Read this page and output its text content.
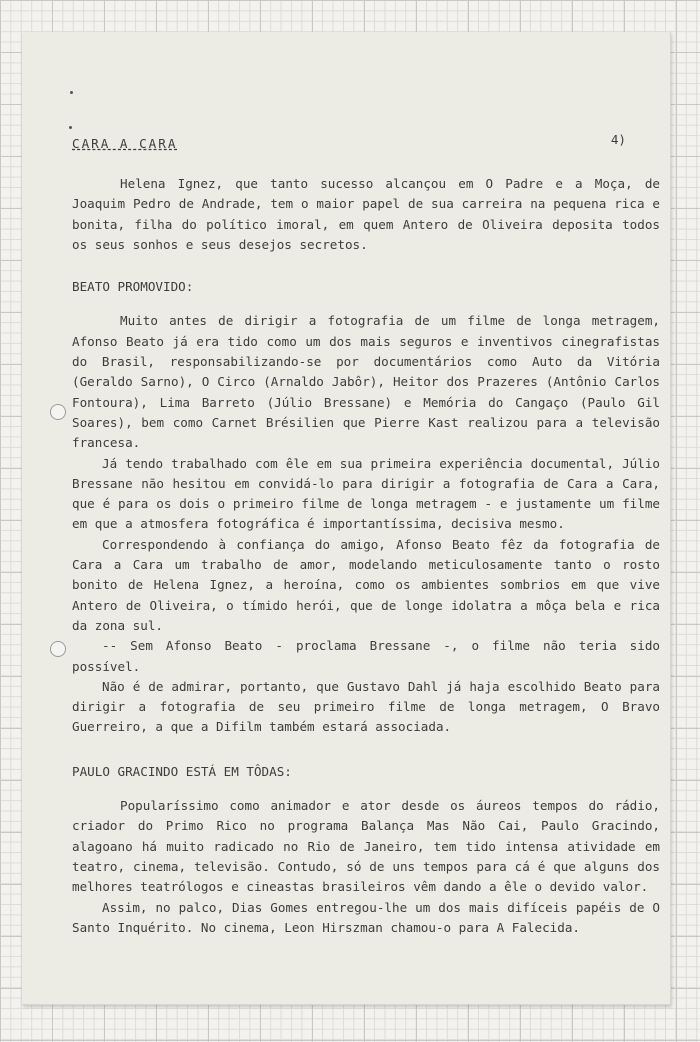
CARA A CARA	4)

Helena Ignez, que tanto sucesso alcançou em O Padre e a Moça, de Joaquim Pedro de Andrade, tem o maior papel de sua carreira na pequena rica e bonita, filha do político imoral, em quem Antero de Oliveira deposita todos os seus sonhos e seus desejos secretos.

BEATO PROMOVIDO:

Muito antes de dirigir a fotografia de um filme de longa metragem, Afonso Beato já era tido como um dos mais seguros e inventivos cinegrafistas do Brasil, responsabilizando-se por documentários como Auto da Vitória (Geraldo Sarno), O Circo (Arnaldo Jabôr), Heitor dos Prazeres (Antônio Carlos Fontoura), Lima Barreto (Júlio Bressane) e Memória do Cangaço (Paulo Gil Soares), bem como Carnet Brésilien que Pierre Kast realizou para a televisão francesa.

Já tendo trabalhado com êle em sua primeira experiência documental, Júlio Bressane não hesitou em convidá-lo para dirigir a fotografia de Cara a Cara, que é para os dois o primeiro filme de longa metragem - e justamente um filme em que a atmosfera fotográfica é importantíssima, decisiva mesmo.

Correspondendo à confiança do amigo, Afonso Beato fêz da fotografia de Cara a Cara um trabalho de amor, modelando meticulosamente tanto o rosto bonito de Helena Ignez, a heroína, como os ambientes sombrios em que vive Antero de Oliveira, o tímido herói, que de longe idolatra a môça bela e rica da zona sul.

-- Sem Afonso Beato - proclama Bressane -, o filme não teria sido possível.

Não é de admirar, portanto, que Gustavo Dahl já haja escolhido Beato para dirigir a fotografia de seu primeiro filme de longa metragem, O Bravo Guerreiro, a que a Difilm também estará associada.

PAULO GRACINDO ESTÁ EM TÔDAS:

Popularíssimo como animador e ator desde os áureos tempos do rádio, criador do Primo Rico no programa Balança Mas Não Cai, Paulo Gracindo, alagoano há muito radicado no Rio de Janeiro, tem tido intensa atividade em teatro, cinema, televisão. Contudo, só de uns tempos para cá é que alguns dos melhores teatrólogos e cineastas brasileiros vêm dando a êle o devido valor.

Assim, no palco, Dias Gomes entregou-lhe um dos mais difíceis papéis de O Santo Inquérito. No cinema, Leon Hirszman chamou-o para A Falecida.
